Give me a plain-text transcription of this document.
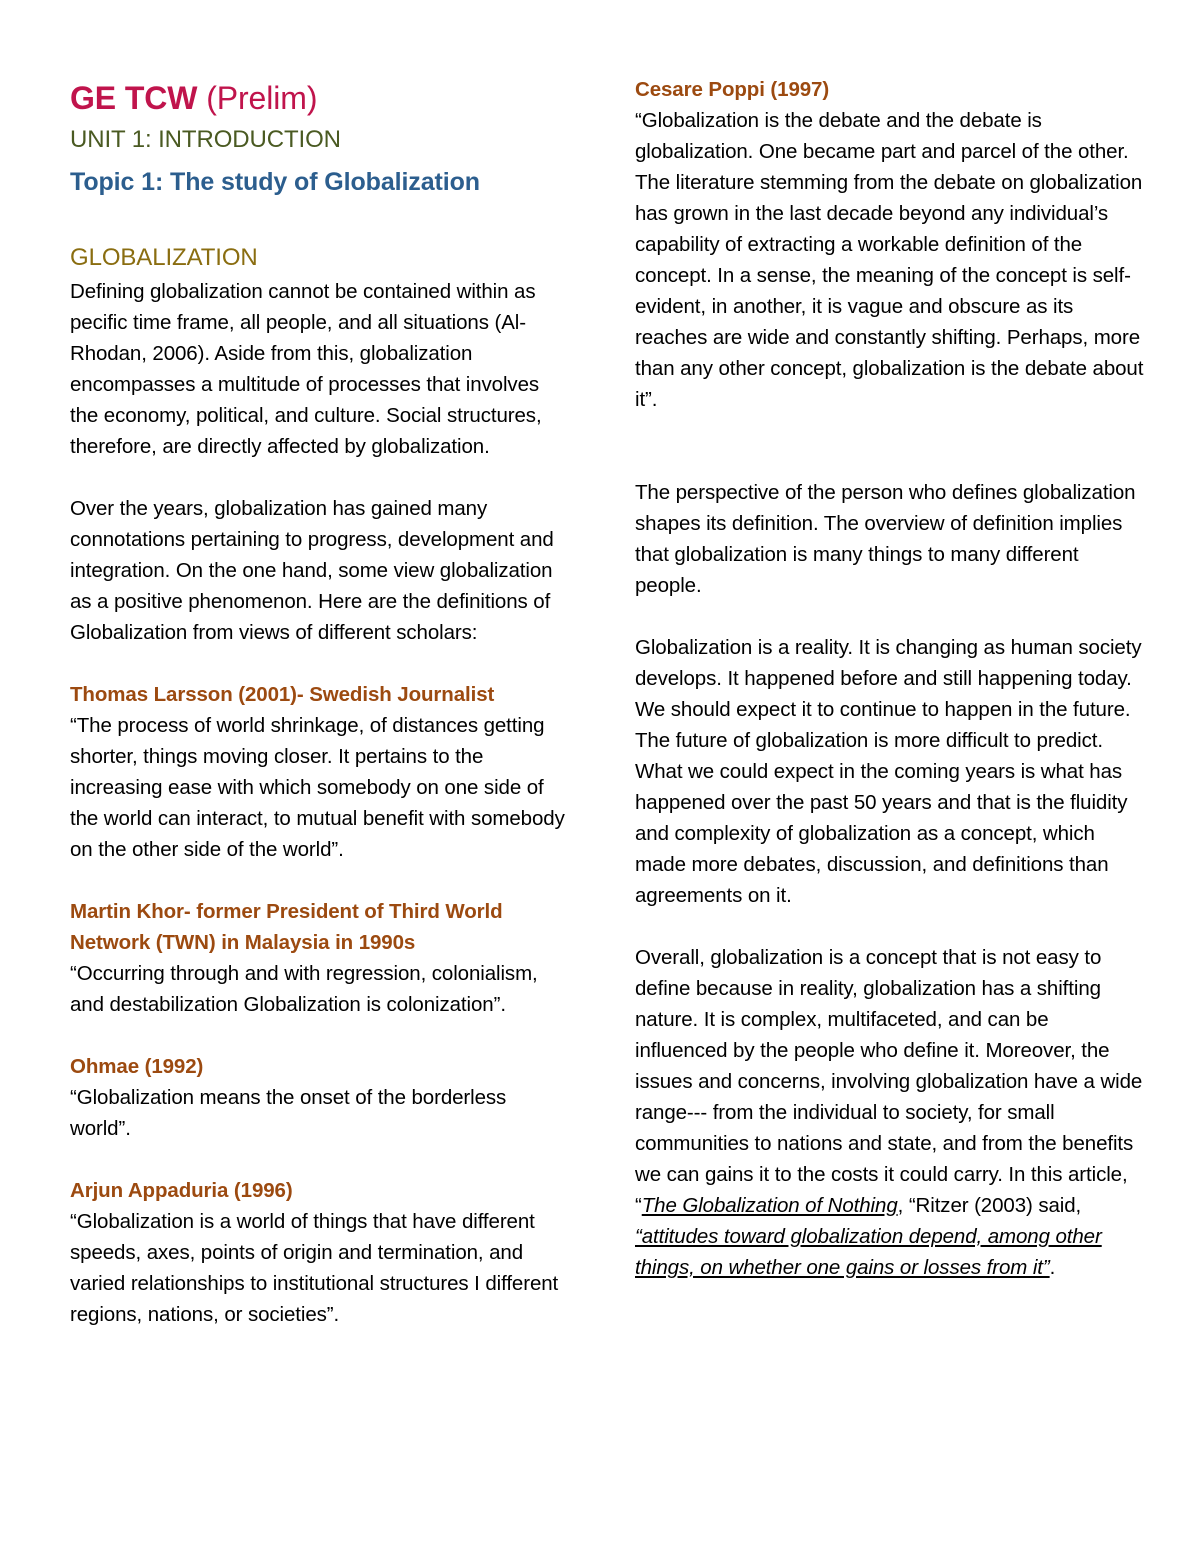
GE TCW (Prelim)
UNIT 1: INTRODUCTION
Topic 1: The study of Globalization
GLOBALIZATION

Defining globalization cannot be contained within as pecific time frame, all people, and all situations (Al-Rhodan, 2006). Aside from this, globalization encompasses a multitude of processes that involves the economy, political, and culture. Social structures, therefore, are directly affected by globalization.

Over the years, globalization has gained many connotations pertaining to progress, development and integration. On the one hand, some view globalization as a positive phenomenon. Here are the definitions of Globalization from views of different scholars:

Thomas Larsson (2001)- Swedish Journalist

“The process of world shrinkage, of distances getting shorter, things moving closer. It pertains to the increasing ease with which somebody on one side of the world can interact, to mutual benefit with somebody on the other side of the world”.

Martin Khor- former President of Third World Network (TWN) in Malaysia in 1990s

“Occurring through and with regression, colonialism, and destabilization Globalization is colonization”.

Ohmae (1992)

“Globalization means the onset of the borderless world”.

Arjun Appaduria (1996)

“Globalization is a world of things that have different speeds, axes, points of origin and termination, and varied relationships to institutional structures I different regions, nations, or societies”.

Cesare Poppi (1997)

“Globalization is the debate and the debate is globalization. One became part and parcel of the other. The literature stemming from the debate on globalization has grown in the last decade beyond any individual’s capability of extracting a workable definition of the concept. In a sense, the meaning of the concept is self-evident, in another, it is vague and obscure as its reaches are wide and constantly shifting. Perhaps, more than any other concept, globalization is the debate about it”.

The perspective of the person who defines globalization shapes its definition. The overview of definition implies that globalization is many things to many different people.

Globalization is a reality. It is changing as human society develops. It happened before and still happening today. We should expect it to continue to happen in the future. The future of globalization is more difficult to predict. What we could expect in the coming years is what has happened over the past 50 years and that is the fluidity and complexity of globalization as a concept, which made more debates, discussion, and definitions than agreements on it.

Overall, globalization is a concept that is not easy to define because in reality, globalization has a shifting nature. It is complex, multifaceted, and can be influenced by the people who define it. Moreover, the issues and concerns, involving globalization have a wide range--- from the individual to society, for small communities to nations and state, and from the benefits we can gains it to the costs it could carry. In this article, “The Globalization of Nothing, “Ritzer (2003) said, “attitudes toward globalization depend, among other things, on whether one gains or losses from it”.
